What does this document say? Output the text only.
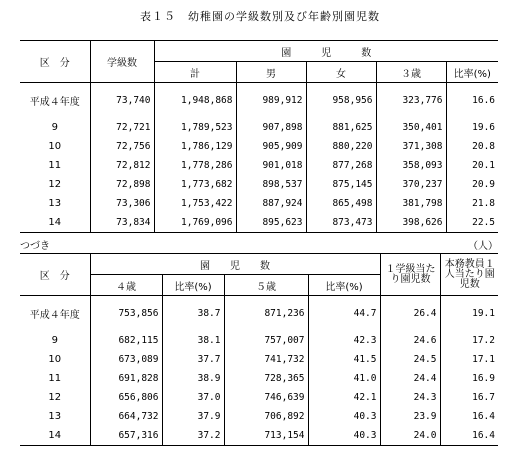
表１５　幼稚園の学級数別及び年齢別園児数
区　分	学級数	園　　　児　　　数				
		計	男	女	３歳	比率(%)

平成４年度	73,740	1,948,868	989,912	958,956	323,776	16.6

9	72,721	1,789,523	907,898	881,625	350,401	19.6
10	72,756	1,786,129	905,909	880,220	371,308	20.8
11	72,812	1,778,286	901,018	877,268	358,093	20.1
12	72,898	1,773,682	898,537	875,145	370,237	20.9
13	73,306	1,753,422	887,924	865,498	381,798	21.8
14	73,834	1,769,096	895,623	873,473	398,626	22.5
つづき	（人）
区　分	園　　児　　数				１学級当たり園児数	本務教員１人当たり園児数
	４歳	比率(%)	５歳	比率(%)		

平成４年度	753,856	38.7	871,236	44.7	26.4	19.1

9	682,115	38.1	757,007	42.3	24.6	17.2
10	673,089	37.7	741,732	41.5	24.5	17.1
11	691,828	38.9	728,365	41.0	24.4	16.9
12	656,806	37.0	746,639	42.1	24.3	16.7
13	664,732	37.9	706,892	40.3	23.9	16.4
14	657,316	37.2	713,154	40.3	24.0	16.4
